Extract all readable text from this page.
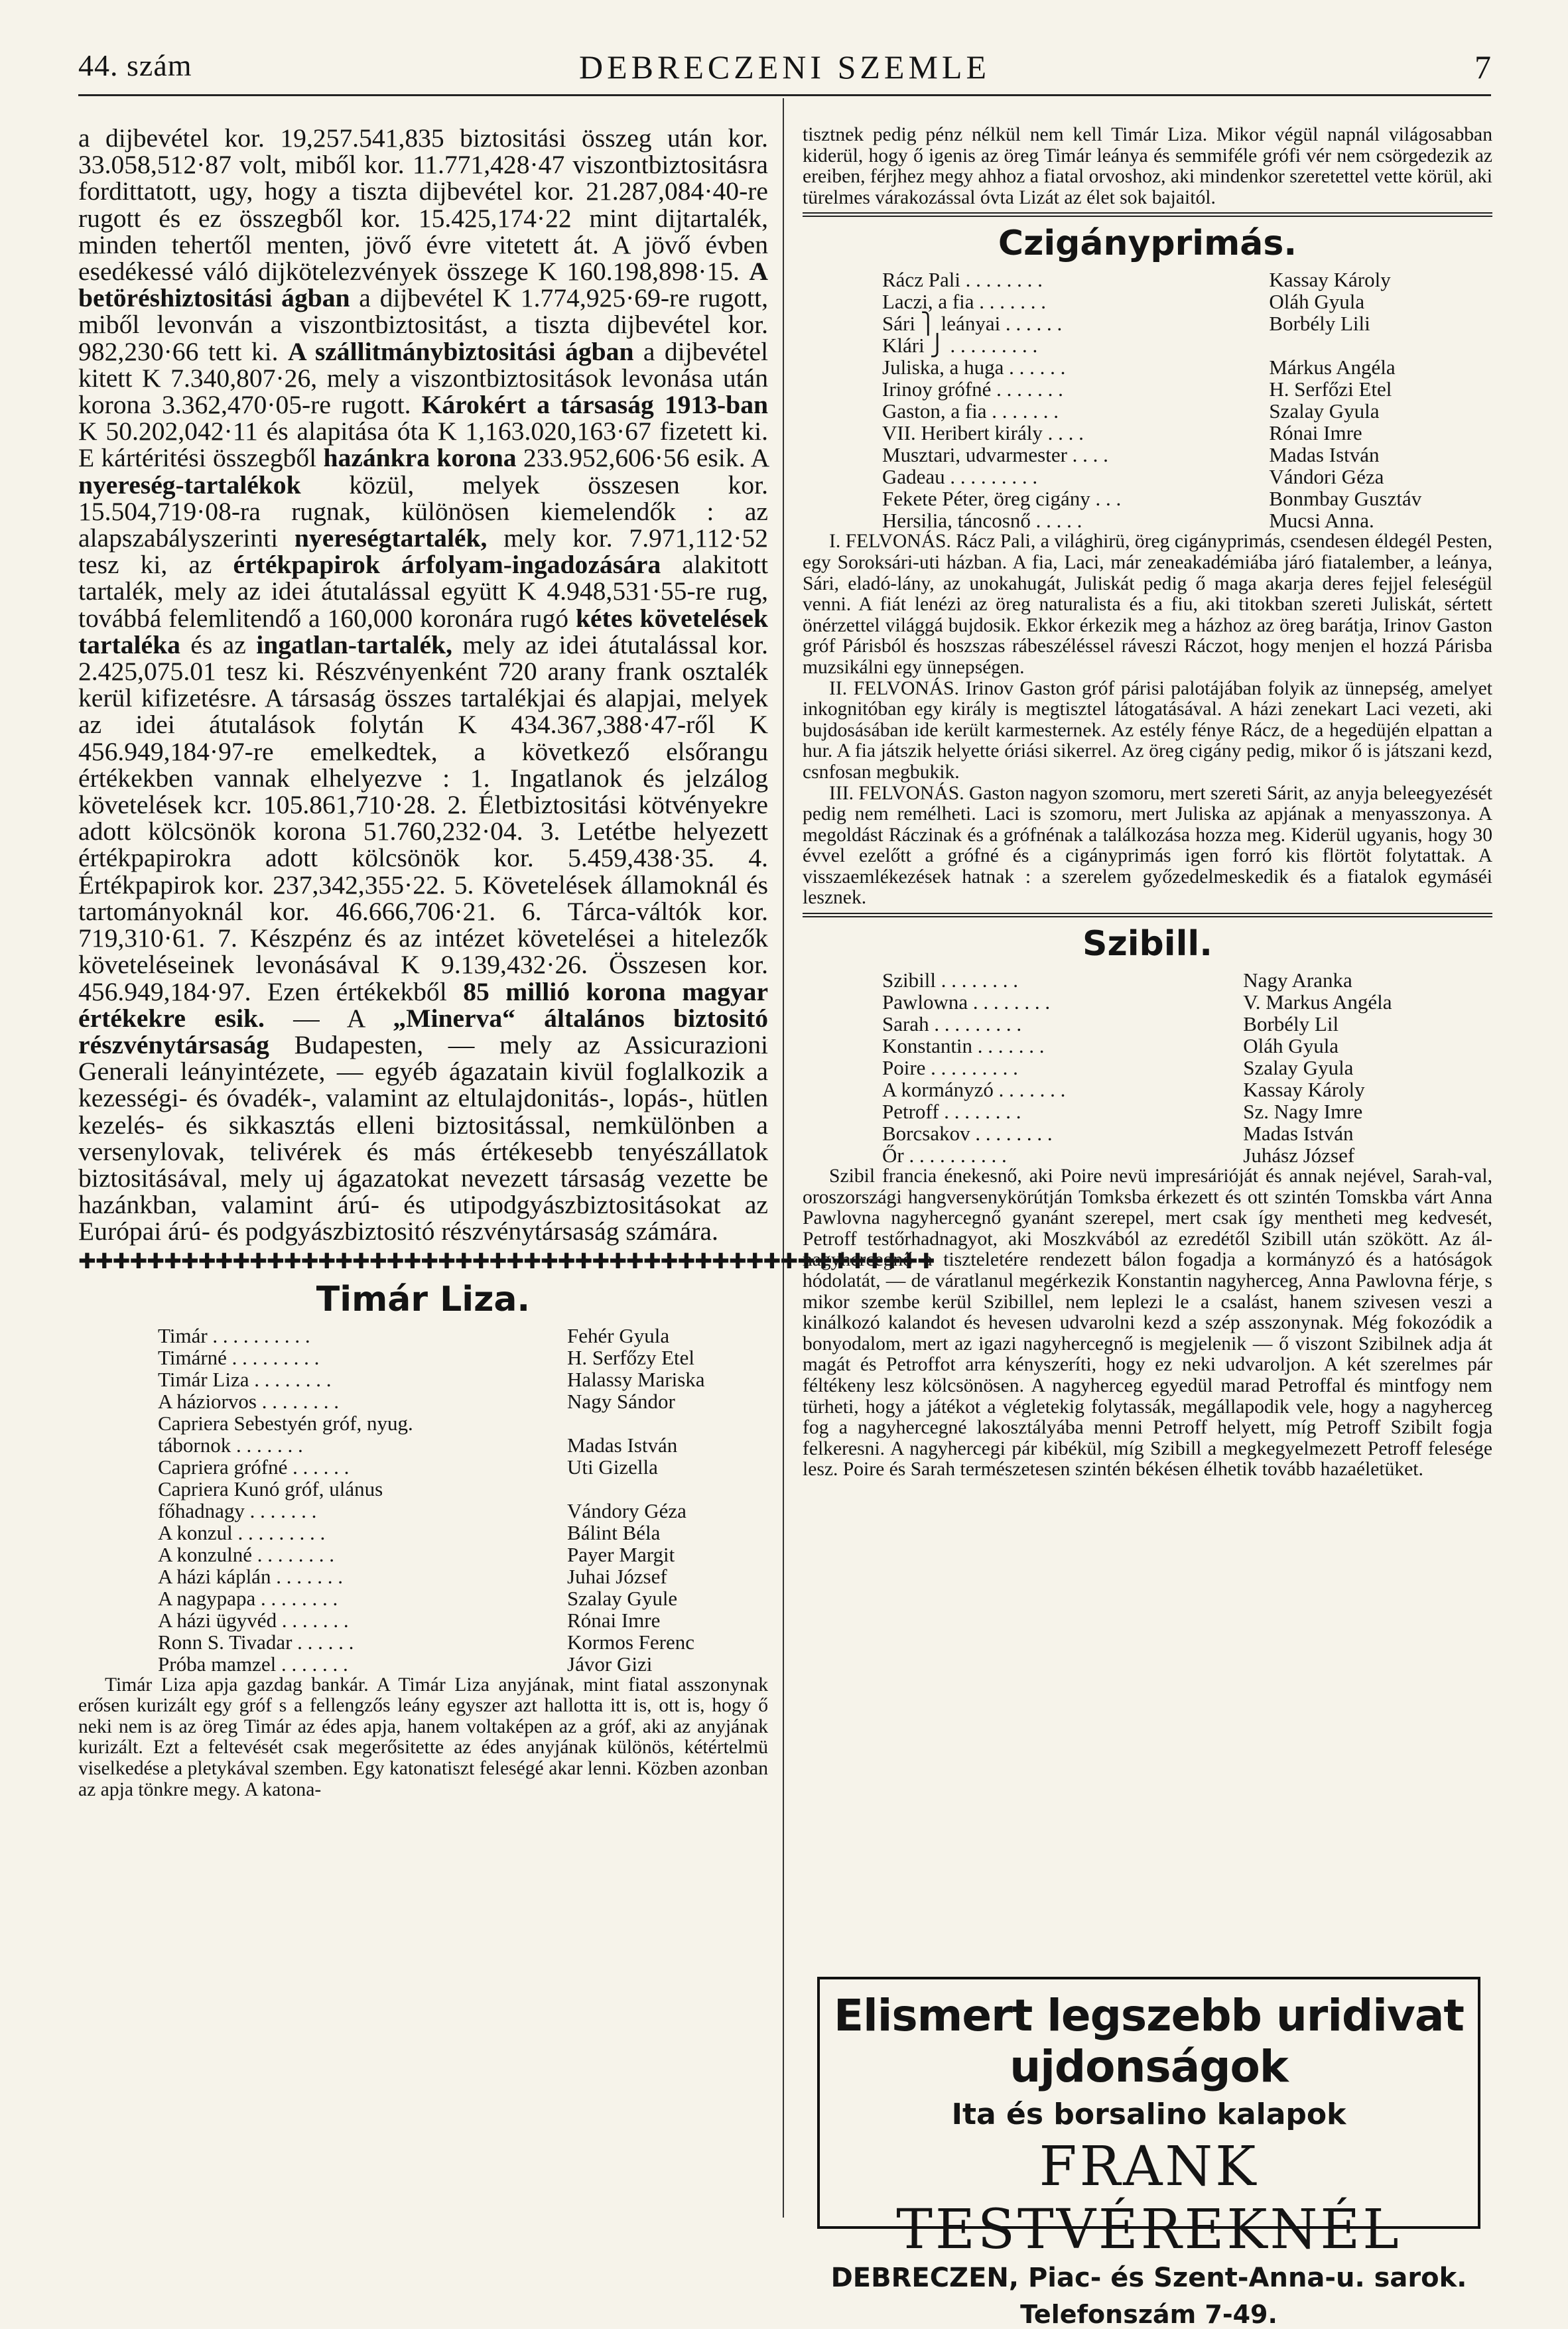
DEBRECZENI SZEMLE
44. szám	7

a dijbevétel kor. 19,257.541,835 biztositási összeg után kor. 33.058,512·87 volt, miből kor. 11.771,428·47 viszontbiztositásra fordittatott, ugy, hogy a tiszta dijbevétel kor. 21.287,084·40-re rugott és ez összegből kor. 15.425,174·22 mint dijtartalék, minden tehertől menten, jövő évre vitetett át. A jövő évben esedékessé váló dijkötelezvények összege K 160.198,898·15. A betöréshiztositási ágban a dijbevétel K 1.774,925·69-re rugott, miből levonván a viszontbiztositást, a tiszta dijbevétel kor. 982,230·66 tett ki. A szállitmánybiztositási ágban a dijbevétel kitett K 7.340,807·26, mely a viszontbiztositások levonása után korona 3.362,470·05-re rugott. Károkért a társaság 1913-ban K 50.202,042·11 és alapitása óta K 1,163.020,163·67 fizetett ki. E kártéritési összegből hazánkra korona 233.952,606·56 esik. A nyereség-tartalékok közül, melyek összesen kor. 15.504,719·08-ra rugnak, különösen kiemelendők : az alapszabályszerinti nyereségtartalék, mely kor. 7.971,112·52 tesz ki, az értékpapirok árfolyam-ingadozására alakitott tartalék, mely az idei átutalással együtt K 4.948,531·55-re rug, továbbá felemlitendő a 160,000 koronára rugó kétes követelések tartaléka és az ingatlan-tartalék, mely az idei átutalással kor. 2.425,075.01 tesz ki. Részvényenként 720 arany frank osztalék kerül kifizetésre. A társaság összes tartalékjai és alapjai, melyek az idei átutalások folytán K 434.367,388·47-ről K 456.949,184·97-re emelkedtek, a következő elsőrangu értékekben vannak elhelyezve : 1. Ingatlanok és jelzálog követelések kcr. 105.861,710·28. 2. Életbiztositási kötvényekre adott kölcsönök korona 51.760,232·04. 3. Letétbe helyezett értékpapirokra adott kölcsönök kor. 5.459,438·35. 4. Értékpapirok kor. 237,342,355·22. 5. Követelések államoknál és tartományoknál kor. 46.666,706·21. 6. Tárca-váltók kor. 719,310·61. 7. Készpénz és az intézet követelései a hitelezők követeléseinek levonásával K 9.139,432·26. Összesen kor. 456.949,184·97. Ezen értékekből 85 millió korona magyar értékekre esik. — A „Minerva“ általános biztositó részvénytársaság Budapesten, — mely az Assicurazioni Generali leányintézete, — egyéb ágazatain kivül foglalkozik a kezességi- és óvadék-, valamint az eltulajdonitás-, lopás-, hütlen kezelés- és sikkasztás elleni biztositással, nemkülönben a versenylovak, telivérek és más értékesebb tenyészállatok biztositásával, mely uj ágazatokat nevezett társaság vezette be hazánkban, valamint árú- és utipodgyászbiztositásokat az Európai árú- és podgyászbiztositó részvénytársaság számára.

✚✚✚✚✚✚✚✚✚✚✚✚✚✚✚✚✚✚✚✚✚✚✚✚✚✚✚✚✚✚✚✚✚✚✚✚✚✚✚✚✚✚✚✚✚✚✚✚✚✚
Timár Liza.
Timár . . . . . . . . . .	Fehér Gyula
Timárné . . . . . . . . .	H. Serfőzy Etel
Timár Liza . . . . . . . .	Halassy Mariska
A háziorvos . . . . . . . .	Nagy Sándor
Capriera Sebestyén gróf, nyug.	
tábornok . . . . . . .	Madas István
Capriera grófné . . . . . .	Uti Gizella
Capriera Kunó gróf, ulánus	
főhadnagy . . . . . . .	Vándory Géza
A konzul . . . . . . . . .	Bálint Béla
A konzulné . . . . . . . .	Payer Margit
A házi káplán . . . . . . .	Juhai József
A nagypapa . . . . . . . .	Szalay Gyule
A házi ügyvéd . . . . . . .	Rónai Imre
Ronn S. Tivadar . . . . . .	Kormos Ferenc
Próba mamzel . . . . . . .	Jávor Gizi

Timár Liza apja gazdag bankár. A Timár Liza anyjának, mint fiatal asszonynak erősen kurizált egy gróf s a fellengzős leány egyszer azt hallotta itt is, ott is, hogy ő neki nem is az öreg Timár az édes apja, hanem voltaképen az a gróf, aki az anyjának kurizált. Ezt a feltevését csak megerősitette az édes anyjának különös, kétértelmü viselkedése a pletykával szemben. Egy katonatiszt feleségé akar lenni. Közben azonban az apja tönkre megy. A katona-

tisztnek pedig pénz nélkül nem kell Timár Liza. Mikor végül napnál világosabban kiderül, hogy ő igenis az öreg Timár leánya és semmiféle grófi vér nem csörgedezik az ereiben, férjhez megy ahhoz a fiatal orvoshoz, aki mindenkor szeretettel vette körül, aki türelmes várakozással óvta Lizát az élet sok bajaitól.

Czigányprimás.
Rácz Pali . . . . . . . .	Kassay Károly
Laczi, a fia . . . . . . .	Oláh Gyula
Sári ⎫ leányai . . . . . .	Borbély Lili
Klári ⎭ . . . . . . . . .	
Juliska, a huga . . . . . .	Márkus Angéla
Irinoy grófné . . . . . . .	H. Serfőzi Etel
Gaston, a fia . . . . . . .	Szalay Gyula
VII. Heribert király . . . .	Rónai Imre
Musztari, udvarmester . . . .	Madas István
Gadeau . . . . . . . . .	Vándori Géza
Fekete Péter, öreg cigány . . .	Bonmbay Gusztáv
Hersilia, táncosnő . . . . .	Mucsi Anna.

I. FELVONÁS. Rácz Pali, a világhirü, öreg cigányprimás, csendesen éldegél Pesten, egy Soroksári-uti házban. A fia, Laci, már zeneakadémiába járó fiatalember, a leánya, Sári, eladó-lány, az unokahugát, Juliskát pedig ő maga akarja deres fejjel feleségül venni. A fiát lenézi az öreg naturalista és a fiu, aki titokban szereti Juliskát, sértett önérzettel világgá bujdosik. Ekkor érkezik meg a házhoz az öreg barátja, Irinov Gaston gróf Párisból és hoszszas rábeszéléssel ráveszi Ráczot, hogy menjen el hozzá Párisba muzsikálni egy ünnepségen.

II. FELVONÁS. Irinov Gaston gróf párisi palotájában folyik az ünnepség, amelyet inkognitóban egy király is megtisztel látogatásával. A házi zenekart Laci vezeti, aki bujdosásában ide került karmesternek. Az estély fénye Rácz, de a hegedüjén elpattan a hur. A fia játszik helyette óriási sikerrel. Az öreg cigány pedig, mikor ő is játszani kezd, csnfosan megbukik.

III. FELVONÁS. Gaston nagyon szomoru, mert szereti Sárit, az anyja beleegyezését pedig nem remélheti. Laci is szomoru, mert Juliska az apjának a menyasszonya. A megoldást Ráczinak és a grófnénak a találkozása hozza meg. Kiderül ugyanis, hogy 30 évvel ezelőtt a grófné és a cigányprimás igen forró kis flörtöt folytattak. A visszaemlékezések hatnak : a szerelem győzedelmeskedik és a fiatalok egymáséi lesznek.

Szibill.
Szibill . . . . . . . .	Nagy Aranka
Pawlowna . . . . . . . .	V. Markus Angéla
Sarah . . . . . . . . .	Borbély Lil
Konstantin . . . . . . .	Oláh Gyula
Poire . . . . . . . . .	Szalay Gyula
A kormányzó . . . . . . .	Kassay Károly
Petroff . . . . . . . .	Sz. Nagy Imre
Borcsakov . . . . . . . .	Madas István
Őr . . . . . . . . . .	Juhász József

Szibil francia énekesnő, aki Poire nevü impresárióját és annak nejével, Sarah-val, oroszországi hangversenykörútján Tomksba érkezett és ott szintén Tomskba várt Anna Pawlovna nagyhercegnő gyanánt szerepel, mert csak így mentheti meg kedvesét, Petroff testőrhadnagyot, aki Moszkvából az ezredétől Szibill után szökött. Az ál-nagyhercegnő a tiszteletére rendezett bálon fogadja a kormányzó és a hatóságok hódolatát, — de váratlanul megérkezik Konstantin nagyherceg, Anna Pawlovna férje, s mikor szembe kerül Szibillel, nem leplezi le a csalást, hanem szivesen veszi a kinálkozó kalandot és hevesen udvarolni kezd a szép asszonynak. Még fokozódik a bonyodalom, mert az igazi nagyhercegnő is megjelenik — ő viszont Szibilnek adja át magát és Petroffot arra kényszeríti, hogy ez neki udvaroljon. A két szerelmes pár féltékeny lesz kölcsönösen. A nagyherceg egyedül marad Petroffal és mintfogy nem türheti, hogy a játékot a végletekig folytassák, megállapodik vele, hogy a nagyherceg fog a nagyhercegné lakosztályába menni Petroff helyett, míg Petroff Szibilt fogja felkeresni. A nagyhercegi pár kibékül, míg Szibill a megkegyelmezett Petroff felesége lesz. Poire és Sarah természetesen szintén békésen élhetik tovább hazaéletüket.

Elismert legszebb uridivat ujdonságok
Ita és borsalino kalapok
FRANK TESTVÉREKNÉL
DEBRECZEN, Piac- és Szent-Anna-u. sarok.
Telefonszám 7-49.
